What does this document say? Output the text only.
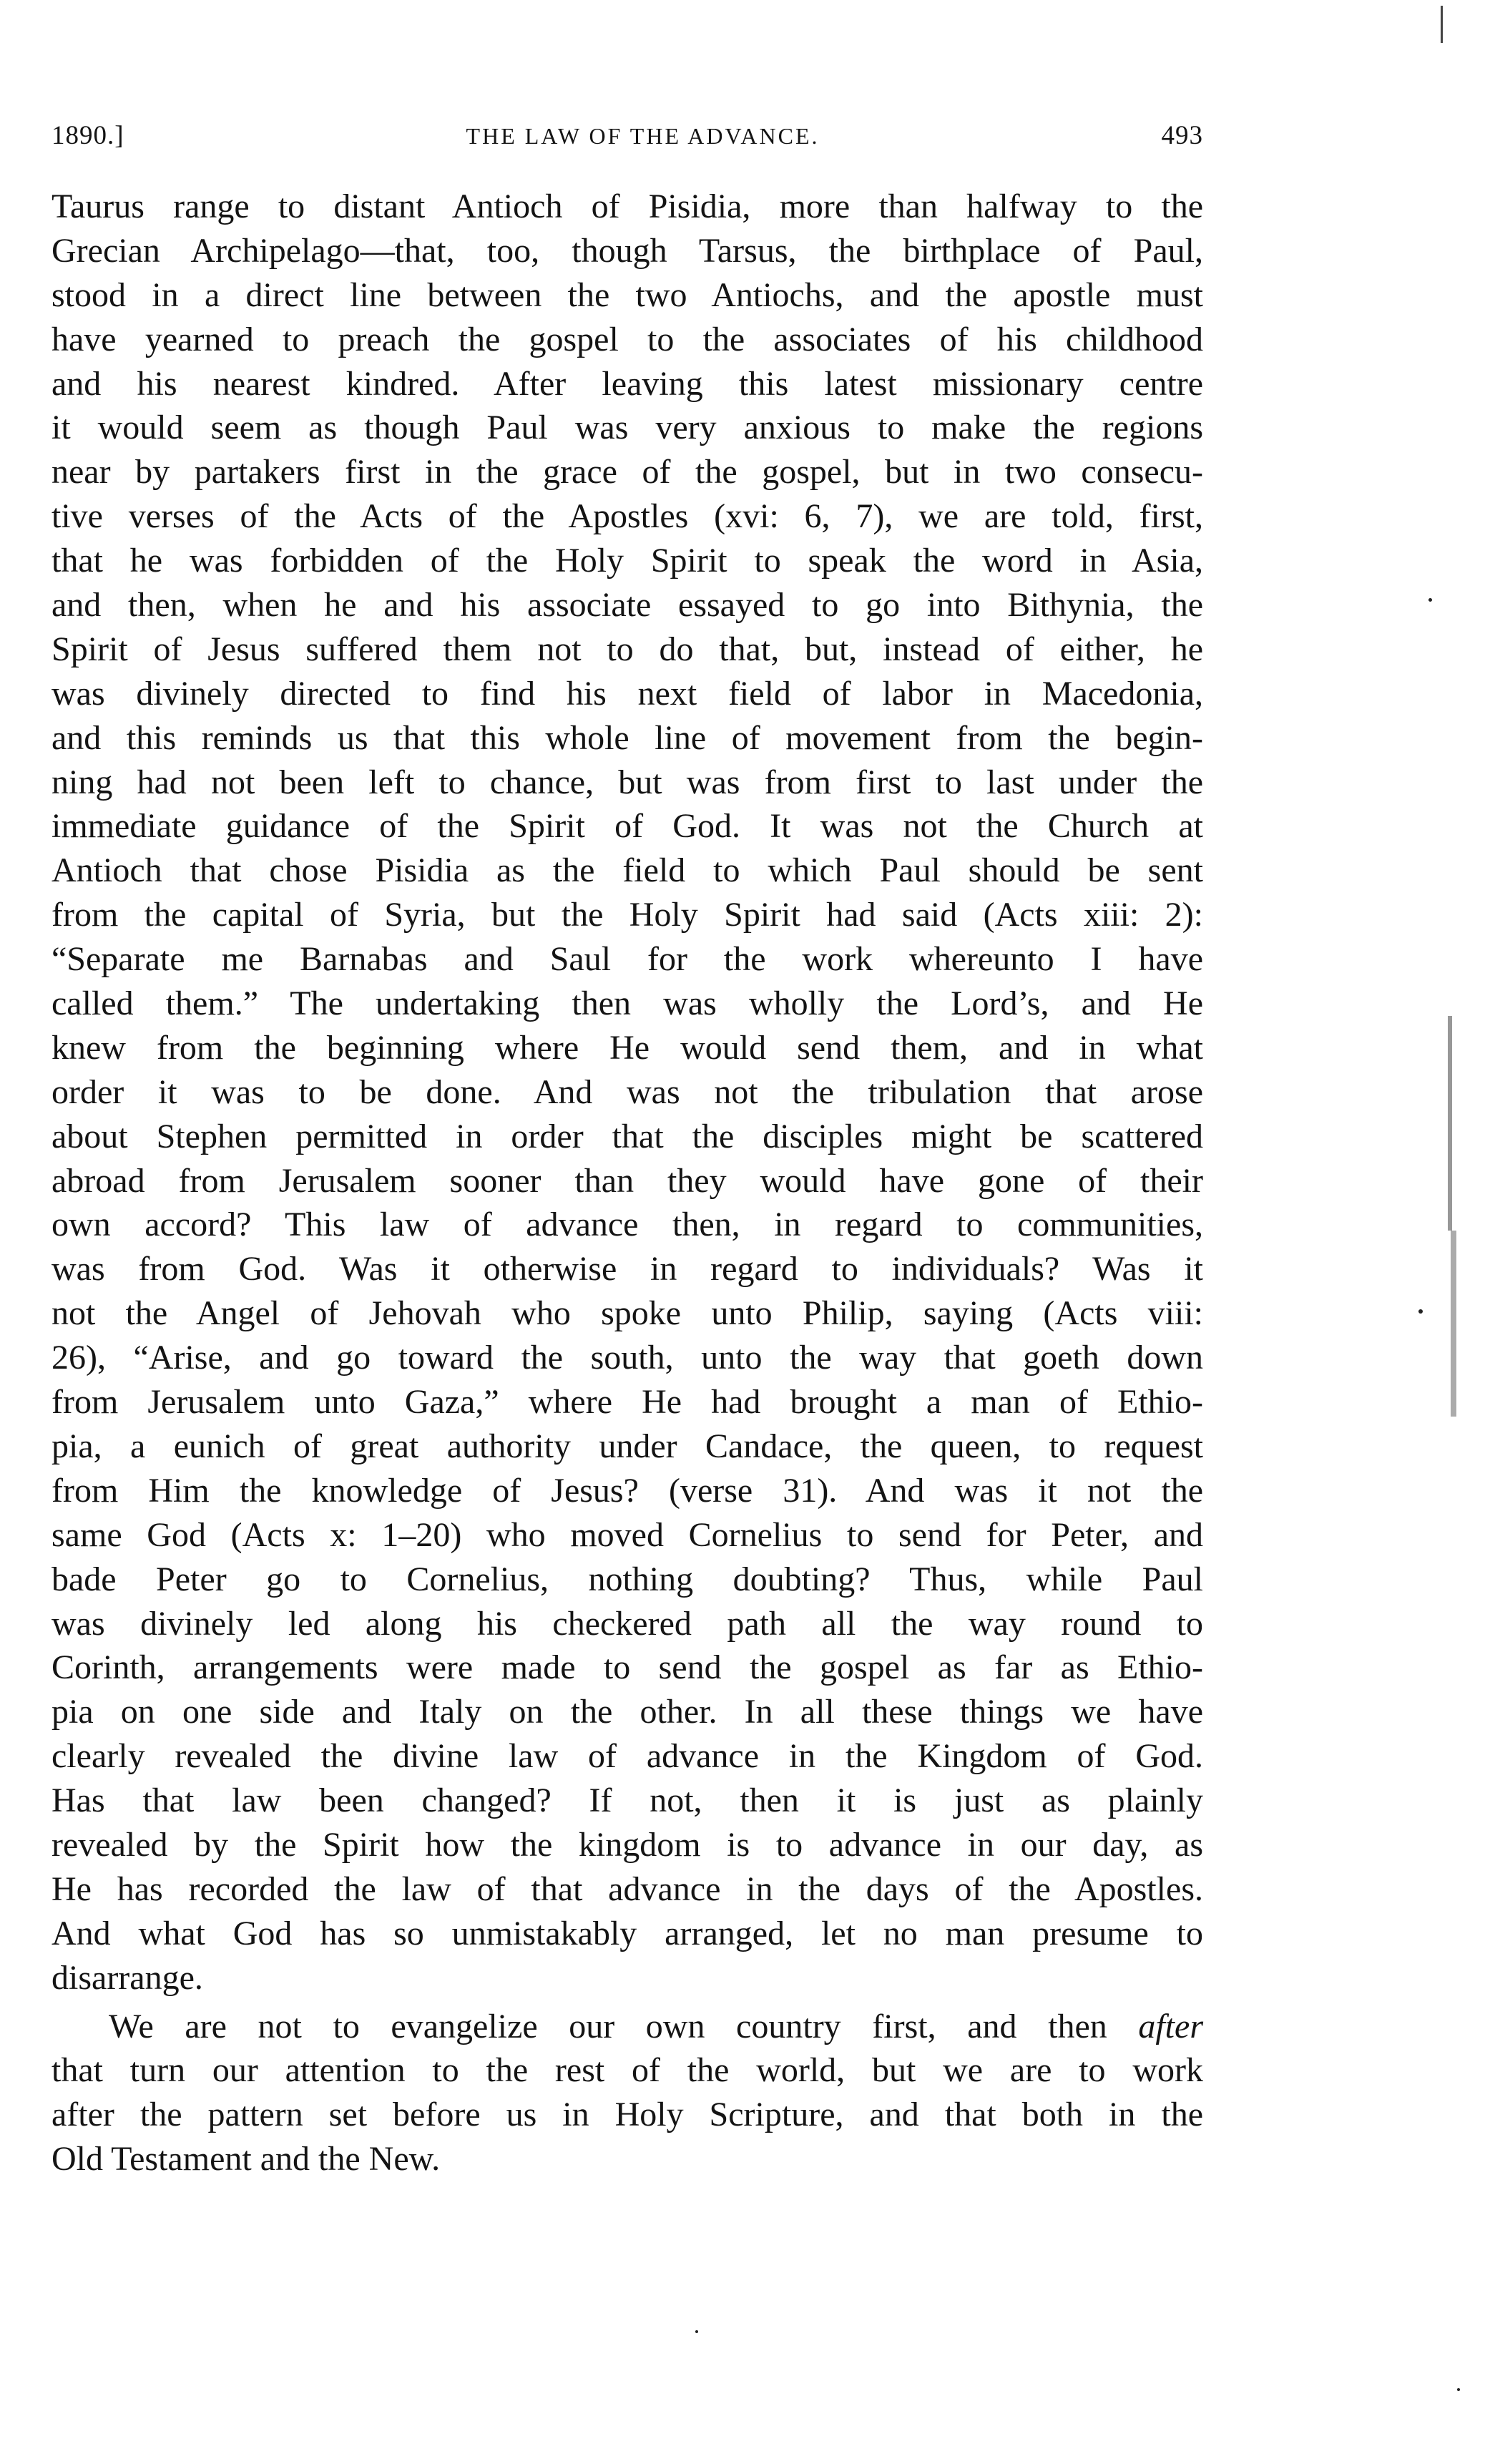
1890.]	THE LAW OF THE ADVANCE.	493
Taurus range to distant Antioch of Pisidia, more than halfway to the
Grecian Archipelago—that, too, though Tarsus, the birthplace of Paul,
stood in a direct line between the two Antiochs, and the apostle must
have yearned to preach the gospel to the associates of his childhood
and his nearest kindred. After leaving this latest missionary centre
it would seem as though Paul was very anxious to make the regions
near by partakers first in the grace of the gospel, but in two consecu-
tive verses of the Acts of the Apostles (xvi: 6, 7), we are told, first,
that he was forbidden of the Holy Spirit to speak the word in Asia,
and then, when he and his associate essayed to go into Bithynia, the
Spirit of Jesus suffered them not to do that, but, instead of either, he
was divinely directed to find his next field of labor in Macedonia,
and this reminds us that this whole line of movement from the begin-
ning had not been left to chance, but was from first to last under the
immediate guidance of the Spirit of God. It was not the Church at
Antioch that chose Pisidia as the field to which Paul should be sent
from the capital of Syria, but the Holy Spirit had said (Acts xiii: 2):
“Separate me Barnabas and Saul for the work whereunto I have
called them.” The undertaking then was wholly the Lord’s, and He
knew from the beginning where He would send them, and in what
order it was to be done. And was not the tribulation that arose
about Stephen permitted in order that the disciples might be scattered
abroad from Jerusalem sooner than they would have gone of their
own accord? This law of advance then, in regard to communities,
was from God. Was it otherwise in regard to individuals? Was it
not the Angel of Jehovah who spoke unto Philip, saying (Acts viii:
26), “Arise, and go toward the south, unto the way that goeth down
from Jerusalem unto Gaza,” where He had brought a man of Ethio-
pia, a eunich of great authority under Candace, the queen, to request
from Him the knowledge of Jesus? (verse 31). And was it not the
same God (Acts x: 1–20) who moved Cornelius to send for Peter, and
bade Peter go to Cornelius, nothing doubting? Thus, while Paul
was divinely led along his checkered path all the way round to
Corinth, arrangements were made to send the gospel as far as Ethio-
pia on one side and Italy on the other. In all these things we have
clearly revealed the divine law of advance in the Kingdom of God.
Has that law been changed? If not, then it is just as plainly
revealed by the Spirit how the kingdom is to advance in our day, as
He has recorded the law of that advance in the days of the Apostles.
And what God has so unmistakably arranged, let no man presume to
disarrange.
We are not to evangelize our own country first, and then after
that turn our attention to the rest of the world, but we are to work
after the pattern set before us in Holy Scripture, and that both in the
Old Testament and the New.
